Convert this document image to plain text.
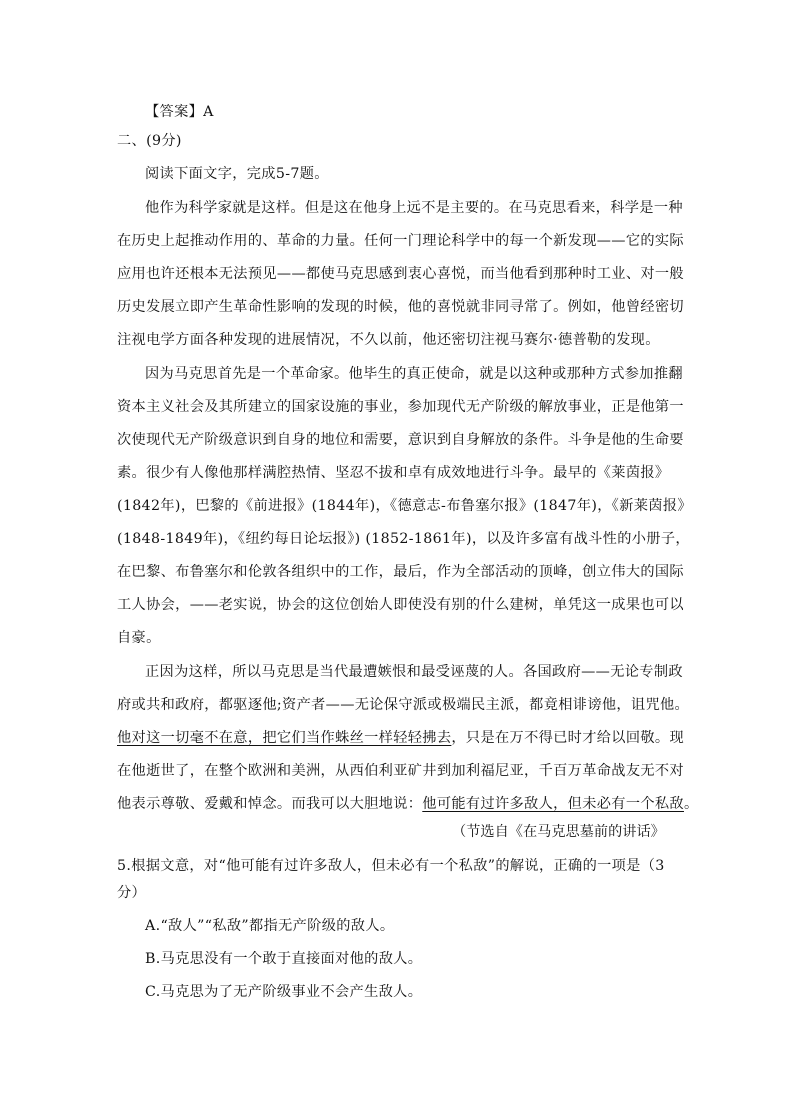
【答案】A
二、(9分)
阅读下面文字，完成5-7题。
他作为科学家就是这样。但是这在他身上远不是主要的。在马克思看来，科学是一种
在历史上起推动作用的、革命的力量。任何一门理论科学中的每一个新发现——它的实际
应用也许还根本无法预见——都使马克思感到衷心喜悦，而当他看到那种时工业、对一般
历史发展立即产生革命性影响的发现的时候，他的喜悦就非同寻常了。例如，他曾经密切
注视电学方面各种发现的进展情况，不久以前，他还密切注视马赛尔·德普勒的发现。
因为马克思首先是一个革命家。他毕生的真正使命，就是以这种或那种方式参加推翻
资本主义社会及其所建立的国家设施的事业，参加现代无产阶级的解放事业，正是他第一
次使现代无产阶级意识到自身的地位和需要，意识到自身解放的条件。斗争是他的生命要
素。很少有人像他那样满腔热情、坚忍不拔和卓有成效地进行斗争。最早的《莱茵报》
(1842年)，巴黎的《前进报》(1844年)，《德意志-布鲁塞尔报》(1847年)，《新莱茵报》
(1848-1849年)，《纽约每日论坛报》) (1852-1861年)，以及许多富有战斗性的小册子，
在巴黎、布鲁塞尔和伦敦各组织中的工作，最后，作为全部活动的顶峰，创立伟大的国际
工人协会，——老实说，协会的这位创始人即使没有别的什么建树，单凭这一成果也可以
自豪。
正因为这样，所以马克思是当代最遭嫉恨和最受诬蔑的人。各国政府——无论专制政
府或共和政府，都驱逐他;资产者——无论保守派或极端民主派，都竟相诽谤他，诅咒他。
他对这一切毫不在意，把它们当作蛛丝一样轻轻拂去，只是在万不得已时才给以回敬。现
在他逝世了，在整个欧洲和美洲，从西伯利亚矿井到加利福尼亚，千百万革命战友无不对
他表示尊敬、爱戴和悼念。而我可以大胆地说：他可能有过许多敌人，但未必有一个私敌。
（节选自《在马克思墓前的讲话》
5.根据文意，对“他可能有过许多敌人，但未必有一个私敌”的解说，正确的一项是（3
分）
A.“敌人”“私敌”都指无产阶级的敌人。
B.马克思没有一个敢于直接面对他的敌人。
C.马克思为了无产阶级事业不会产生敌人。
